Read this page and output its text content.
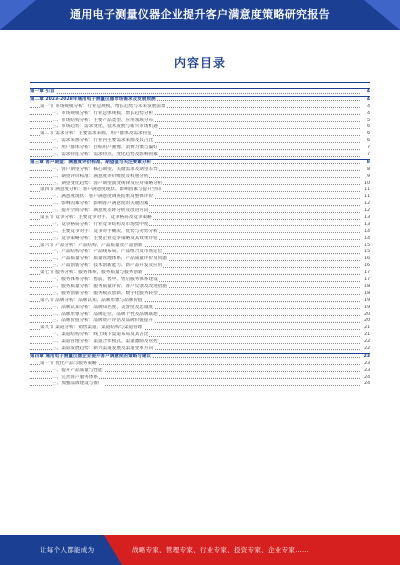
通用电子测量仪器企业提升客户满意度策略研究报告
内容目录
第一章 引言	4
第二章 2023-2028年通用电子测量仪器市场需求及发展预测	4
第一节 市场规模分析：行业总规模、增长趋势与未来发展前景	4
一、市场规模分析：行业总体规模、增长趋势分析	4
二、市场结构分析：主要产品类型、应用领域分布	5
三、市场趋势：需求变化、技术发展与新兴市场机遇	6
第二节 需求分析：主要需求来源、用户群体及需求特征	6
一、需求来源分析：行业内主要需求来源及其占比	6
二、用户群体分析：目标用户画像、消费习惯与偏好	7
三、需求特征分析：需求特点、变化趋势及影响因素	7
第三章 客户期望：满意度评价标准、期望值与关注要素分析	8
一、客户期望分析：核心期望、关键需求及期望差异	8
二、期望评价标准：满意度评价维度及权重分析	9
三、期望变化趋势：客户期望演变规律及应对策略分析	10
第四节 满意度分析：客户满意度现状、影响因素与提升空间	11
一、满意度现状：客户满意度调查结果及整体评价	11
二、影响因素分析：影响客户满意度的关键因素	12
三、提升空间分析：满意度差距分析及改进方向	12
第五节 竞争分析：主要竞争对手、竞争格局及竞争策略	13
一、竞争格局分析：行业竞争结构及市场集中度	13
二、主要竞争对手：竞争对手概况、优势与劣势分析	14
三、竞争策略分析：主要企业竞争策略及其效果评估	14
第六节 产品分析：产品结构、产品质量及产品创新	15
一、产品结构分析：产品线布局、产品组合及市场定位	15
二、产品质量分析：质量管理体系、产品质量评价及问题	16
三、产品创新分析：技术创新能力、新产品开发及应用	16
第七节 服务分析：服务体系、服务质量与服务创新	17
一、服务体系分析：售前、售中、售后服务体系建设	17
二、服务质量分析：服务质量评价、客户反馈及改进措施	18
三、服务创新分析：服务模式创新、数字化服务转型	18
第八节 品牌分析：品牌认知、品牌形象与品牌价值	19
一、品牌认知分析：品牌知名度、美誉度及忠诚度	19
二、品牌形象分析：品牌定位、品牌个性及品牌联想	20
三、品牌价值分析：品牌资产评估及品牌价值提升	20
第九节 渠道分析：销售渠道、渠道结构与渠道管理	21
一、渠道结构分析：线上线下渠道布局及其占比	21
二、渠道管理分析：渠道合作模式、渠道激励及管控	22
三、渠道发展趋势：新兴渠道发展及渠道变革方向	22
第四章 通用电子测量仪器企业提升客户满意度的策略与建议	23
第一节 优化产品与服务策略	23
一、提升产品质量与性能	23
二、完善客户服务体系	24
三、加强品牌建设与推广	24
让每个人都能成为	战略专家、管理专家、行业专家、投资专家、企业专家……
